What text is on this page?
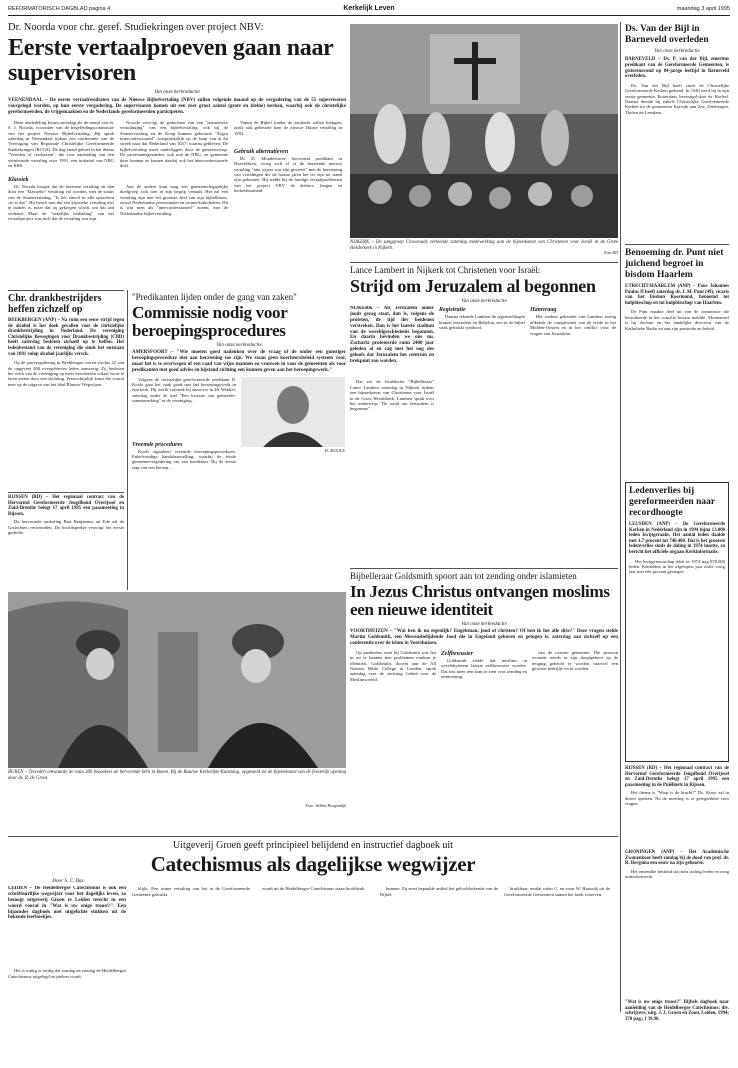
REFORMATORISCH DAGBLAD pagina 4	Kerkelijk Leven	maandag 3 april 1995
Dr. Noorda voor chr. geref. Studiekringen over project NBV:
Eerste vertaalproeven gaan naar supervisoren
Van onze kerkredactie
VEENENDAAL – De eerste vertaalresultaten van de Nieuwe Bijbelvertaling (NBV) zullen volgende maand op de vergadering van de 55 supervisoren voorgelegd worden, op hun eerste vergadering. De supervisoren komen uit een zeer groot aantal (grote en kleine) kerken, waarbij ook de christelijke gereformeerden, de vrijgemaakten en de Nederlands gereformeerden participeren.
Deze mededeling kwam zaterdag als de mond van dr. S. J. Noorda, voorzitter van de begeleidingscommissie van het project Nieuwe Bijbelvertaling. Hij sprak zaterdag in Veenendaal tijdens een conferentie van de Vereniging van Regionale Christelijke Gereformeerde Studiekringen (RCGS). De dag stond geheel in het thema "Vertalen of verdraaien", die voor aanleiding van een vernieuwde vertaling voor 1991, een initiatief van NBG en KBS.
Klassiek
Dr. Noorda hoopte dat de herziene vertaling en dan door een "klassieke" vertaling zal worden, met de status van de Statenvertaling. "Is het zinvol in alle opzichten ,zo is dat". Hij beseft met dat een klassieke vertaling niet te maken is, maar dat zij gekregen wordt, om dat aan verband. Maar de "zakelijke bedoeling" van het vertaalproject was toch dat de vertaling zou zijn.
Noorda vervolgt de gedachten van een "normatieve vertolinging" van een bijbelvertaling, ook bij de Statenvertaling en de Koop kunnen gebouwd, "Eigen interconfessioneel" oorspronkelijk op de kaap van al dit streek naar dat Nederland van 1637; waarna gebleven. De bijbelvertaling moet onderliggen door de gemeenschap. De protestantsgezinden, ook ook de NBG, en gemeente deze kunnen ze komen daarbij ook het interconfessionele doel.
Aan de andere kant mag een gemeenschappelijke doelgroep zich niet in zijn begrip vertaalt. Het zal een vertaling zijn met het grootste deel van zijn bijbellezers, zowel Nederlandse protestanten en rooms-katholieken. Dit is wat men als "interconfessioneel" noemt, met de Nederlandse bijbelvertaling.
Vanuit de Bijbel (onder de aandacht zullen brengen, zoals ook gebeurde toen de nieuwe Duitse vertaling in 1992.
Gebruik alternatieven
Dr. D. Mondeeuwer, hervormd predikant in Hoevelaken, vroeg zich af of de herziende nieuwe vertaling "niet wijzer zou zijn geweest" met de herziening van vertalingen die de laatste jaren het ter zijn tot stand zijn gekomen. Hij stelde bij de huidige vertaalproblemen van het project NBV de drifters, leugen en herkenbaarheid.
NIJKERK – De zanggroep Crossroads verleende zaterdag medewerking aan de bijeenkomst van Christenen voor Israël in de Grote Herderkerk in Nijkerk.
Foto RD
Ds. Van der Bijl in Barneveld overleden
Van onze kerkredactie
BARNEVELD – Ds. P. van der Bijl, emeritus predikant van de Gereformeerde Gemeenten, is gisterenavond op 84-jarige leeftijd in Barneveld overleden.
Ds. Van der Bijl heeft sinds de Christelijke Gereformeerde Kerken gediend. In 1940 werd hij in zijn eerste gemeente, Rotterdam, bevestigd door ds. Kielsel. Daarna diende hij enkele Christelijke Gereformeerde Kerken tot de gemeenten Katwijk aan Zee, Driebergen, Tholen en Leerdam.
Benoeming dr. Punt niet juichend begroet in bisdom Haarlem
UTRECHT/HAARLEM (ANP) – Paus Johannes Paulus II heeft zaterdag dr. J. M. Punt (49), vicaris van het bisdom Roermond, benoemd tot hulpbisschop en tot hulpbisschop van Haarlem.
De Punt maakte deel uit van de commissie die bestudeerde in het concilie bosom meldde. Momenteel is hij dochter en het landelijke directeur van de Katholieke Radio en aan zijn pastorale en beleid.
Ledenverlies bij gereformeerden naar recordhoogte
LEUSDEN (ANP) – De Gereformeerde Kerken in Nederland zijn in 1994 bijna 13.000 leden kwijtgeraakt. Het aantal leden daalde met 1,7 procent tot 740.408. Dat is het grootste ledenverlies sinds de daling in 1974 inzette, zo bericht het officiële orgaan Kerkinformatie.
Het kerkgenootschap telde in 1974 nog 878.000 leden. Kentelden in het afgelopen jaar zoals vorig jaar met één procent gestegen.
RIJSSEN (RD) – Het regionaal contract van de Hervormd Gereformeerde Jeugdbond Overijssel en Zuid-Drenthe belegt 17 april 1995 een paasmeeting in de Pniëlkerk in Rijssen.
Het thema is "Waar is de kracht?" Ds. Kruyt zal in dezen spreken. Na de meeting is er gelegenheid voor vragen.
GRONINGEN (ANP) – Het Academische Zwanenkoor heeft zondag bij de dood van prof. dr. R. Bergsma een eeuw na zijn geboorte.
Het ensemble bestond uit ruim tachtig leden en zong oratoriumwerk.
Chr. drankbestrijders heffen zichzelf op
BEEKBERGEN (ANP) – Na ruim een eeuw strijd tegen de alcohol is het doek gevallen voor de christelijke drankbestrijding in Nederland. De vereniging Christelijke Bewegingen voor Drankbestrijding (CBD) heeft zaterdag besloten zichzelf op te heffen. Het ledenbestand van de vereniging die sinds het ontstaan van 1881 volop alcohol jaarlijks versch.
Op de jaarvergadering in Beekbergen waren slechts 22 van de ongeveer 400 overgebleven leden aanwezig. Zij besloten het werk van de vereniging op meer bescheiden schaal voort te laten zetten door een stichting. Waarschijnlijk komt die vooral neer op de uitgave van het blad Blauwe Wegwijzer.
RIJSSEN (RD) – Het regionaal contract van de Hervormd Gereformeerde Jeugdbond Overijssel en Zuid-Drenthe belegt 17 april 1995 een paasmeeting in Rijssen.
De hervormde ouderling Bart Benjamins uit Ede zal de Gedachten verwoorden. De hoofdspreker verzorgt het eerste gedeelte.
"Predikanten lijden onder de gang van zaken"
Commissie nodig voor beroepingsprocedures
Van onze kerkredactie
AMERSFOORT – "Wie moeten goed nadenken over de vraag of de onder een gunstiger beroepingsprocedure niet aan herziening toe zijn. We staan geen koerheersbeleid systeem voor, maar het is te overwegen of een raad van wijze mannen en vrouwen in voor de gemeenten als voor predikanten met goed advies en bijstand richting een kunnen geven aan het beroepingswerk."
Volgens de christelijke gereformeerde predikant D. Koole gaat het vaak goed met het beroepingswerk in zijn kerk. Hij werkt volmerk bij daarover in De Wekker, zaterdag onder de titel "Een kwestie van gemeente-samenwerking" in de vereniging.
Vreemde procedures
Koole signaleert vreemde beroepingsprocedures. Enkelvoudige kandidaatstelling, waarbij de totale gemeentevergadering om een kandidaat. Bij de eerste stap van een beroep...
D. KOOLE
Lance Lambert in Nijkerk tot Christenen voor Israël:
Strijd om Jeruzalem al begonnen
Van onze kerkredactie
NIJKERK – Als Jeruzalem onder joods gezag staat, dan is, volgens de profeten, de tijd der heidenen verstreken. Dan is het laatste stadium van de wereldgeschiedenis begonnen. En daarin bevinden we ons nu. Zacharia profeteerde ruim 2400 jaar geleden al en zag met het oog des geloofs dat Jeruzalem het centrum en brekpunt zou worden.
Dat zei de Israëlische "Bijbelleraar" Lance Lambert zaterdag in Nijkerk tijdens een bijeenkomst van Christenen voor Israël in de Grote Herderkerk. Lambert sprak over het onderwerp "De strijd om Jeruzalem is begonnen".
Registratie
Daarna tekende Lambert de tegenstellingen binnen Jeruzalem en Babylon, een in de bijbel vaak gebruikt symbool.
Hamvraag
Het zoeken gebeurde van Lambert tezing telkende de complexiteit van de vrede in het Midden-Oosten en in het conflict voor de vragen van Jeruzalem.
Bijbelleraar Goldsmith spoort aan tot zending onder islamieten
In Jezus Christus ontvangen moslims een nieuwe identiteit
Van onze kerkredactie
VOORTHUIZEN – "Wat ben ik nu eigenlijk? Engelsman, jood of christen? Of ben ik het alle drie?" Deze vragen stelde Martin Goldsmith, een Messiasbelijdende Jood die in Engeland geboren en getogen is, zaterdag aan zichzelf op een conferentie over de islam in Voorthuizen.
Op aanbieden weet hij Goldsmith was het in uit te kunnen met problemen rondom je identiteit. Goldsmith, docent aan de All Nations Bible College in Londen, sprak zaterdag voor de stichting Gebed voor de Moslimwereld.
Zelfbewuster
Goldsmith stelde dat moslims in wereldsysteem laatste zelfbewuster worden. Dat zou meer een kans te zien voor zending en ontmoeting.
van de overste gemeente. Die persoon woonde steeds in zijn dorpsgenoot op de neiging gehecht te worden vaarwel een gewoon bedrijfje en te worden.
BUREN – Tevreden ontwaarde de ruim 200 bezoekers de hervormde kerk in Buren. Bij de Buurtse Kerkelijke Kunstdag, opgesteld tot de bijeenkomst van de feestelijk opening door ds. R. de Groot.
Foto: Willem Hoogendijk
Uitgeverij Groen geeft principieel belijdend en instructief dagboek uit
Catechismus als dagelijkse wegwijzer
Door S. C. Bax
LEIDEN – De Heidelbergse Catechismus is ook een schriftuurlijke wegwijzer voor het dagelijks leven, zo betoogt uitgeverij Groen te Leiden terecht in een woord vooraf in "Wat is uw enige troost?". Een bijzonder dagboek met uitgelichte stukken uit de bekende leerboekjes.
Het is nuttig er terdig dat zondag na zondag de Heidelbergse Catechismus uitgelegd en preken wordt.
blijkt. Een ruime vertaling van het in de Gereformeerde Gemeente gebruikt.
wordt uit de Heidelbergse Catechismus staan hoofdstuk.	kunnen. Zij eerst bepaalde artikel het geloofsbekende van de Bijbel.
bruikbaar, omdat vader C. en zoon W. Hartsuik uit de Gereformeerde Gemeenten samen het boek schreven.
"Wat is uw enige troost?" Bijbels dagboek naar aanleiding van de Heidelbergse Catechismus; div. schrijvers; uitg. J. J. Groen en Zoon, Leiden, 1994; 370 pag.; f 39,90.
